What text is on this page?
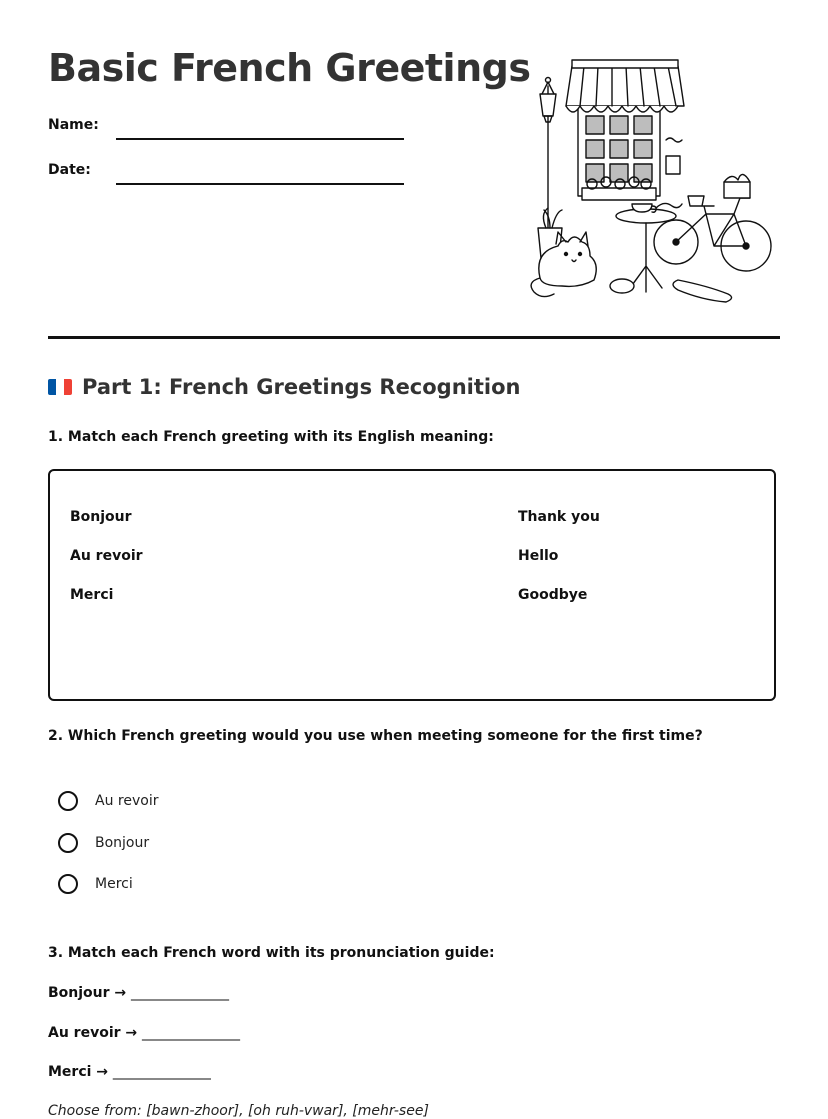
Basic French Greetings
Name:
Date:
Part 1: French Greetings Recognition
1. Match each French greeting with its English meaning:
Bonjour
Au revoir
Merci
Thank you
Hello
Goodbye
2. Which French greeting would you use when meeting someone for the first time?
Au revoir
Bonjour
Merci
3. Match each French word with its pronunciation guide:
Bonjour → ______________
Au revoir → ______________
Merci → ______________
Choose from: [bawn-zhoor], [oh ruh-vwar], [mehr-see]
